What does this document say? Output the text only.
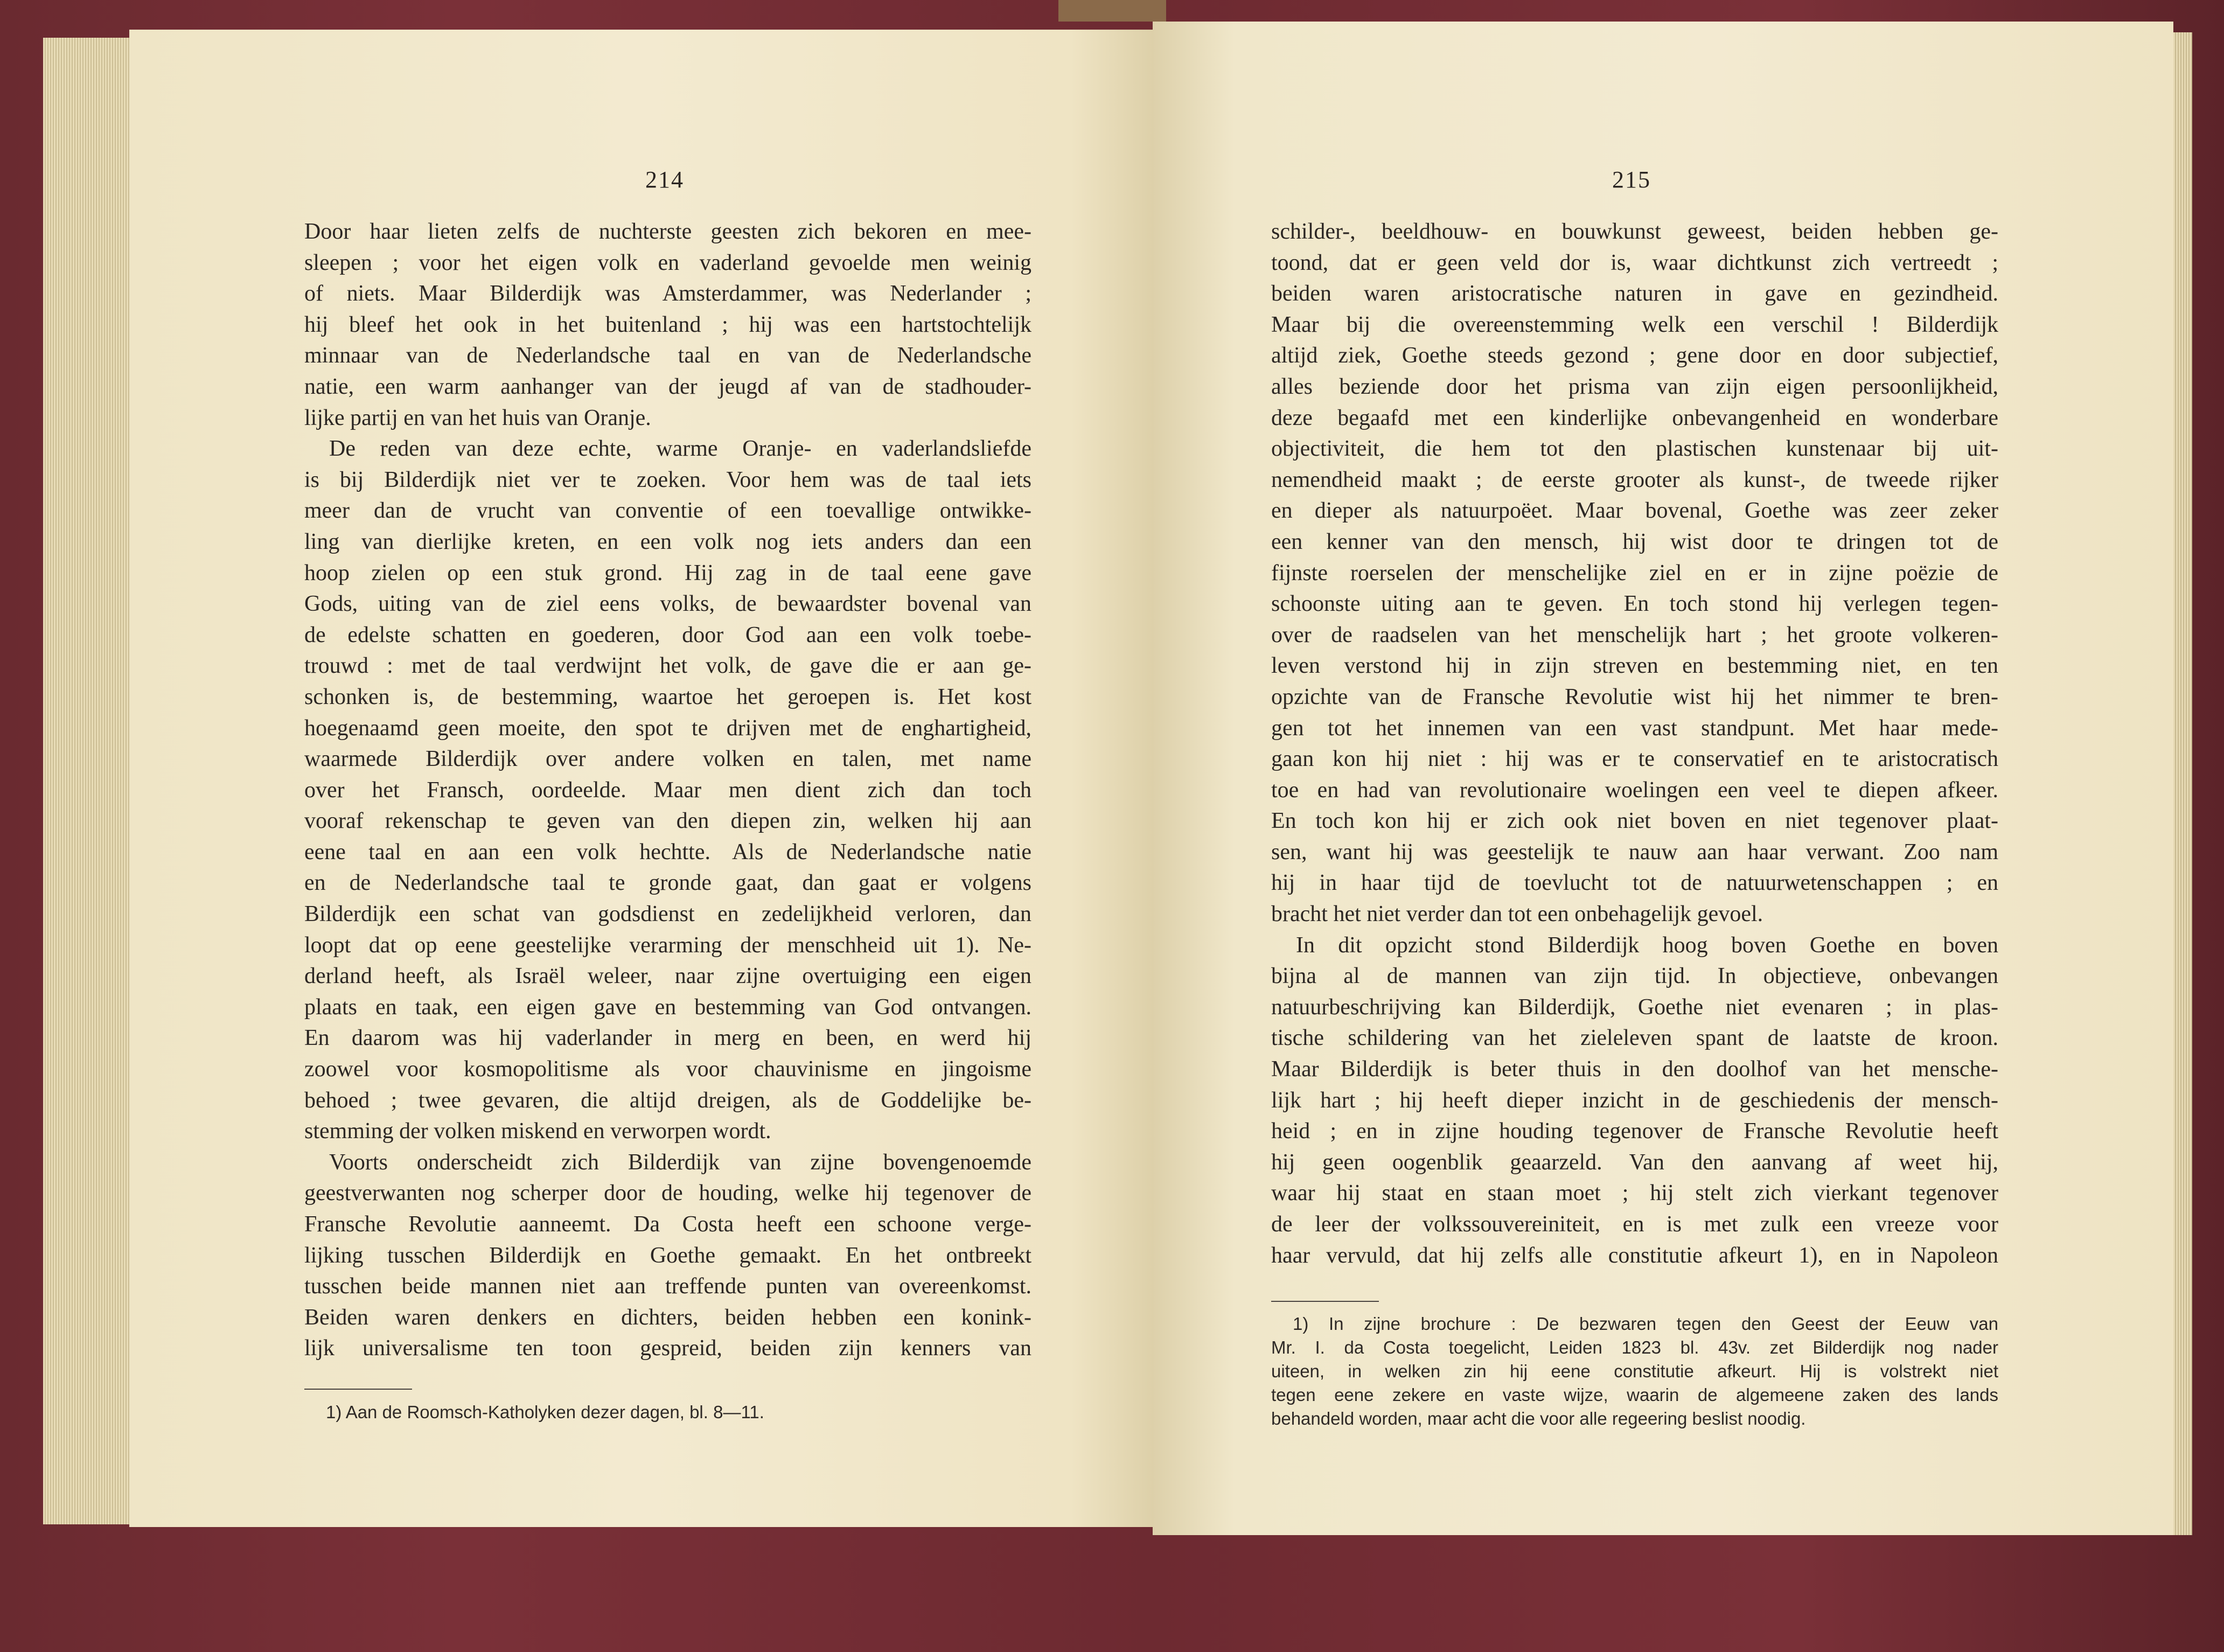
214
Door haar lieten zelfs de nuchterste geesten zich bekoren en mee-
sleepen ; voor het eigen volk en vaderland gevoelde men weinig
of niets. Maar Bilderdijk was Amsterdammer, was Nederlander ;
hij bleef het ook in het buitenland ; hij was een hartstochtelijk
minnaar van de Nederlandsche taal en van de Nederlandsche
natie, een warm aanhanger van der jeugd af van de stadhouder-
lijke partij en van het huis van Oranje.
De reden van deze echte, warme Oranje- en vaderlandsliefde
is bij Bilderdijk niet ver te zoeken. Voor hem was de taal iets
meer dan de vrucht van conventie of een toevallige ontwikke-
ling van dierlijke kreten, en een volk nog iets anders dan een
hoop zielen op een stuk grond. Hij zag in de taal eene gave
Gods, uiting van de ziel eens volks, de bewaardster bovenal van
de edelste schatten en goederen, door God aan een volk toebe-
trouwd : met de taal verdwijnt het volk, de gave die er aan ge-
schonken is, de bestemming, waartoe het geroepen is. Het kost
hoegenaamd geen moeite, den spot te drijven met de enghartigheid,
waarmede Bilderdijk over andere volken en talen, met name
over het Fransch, oordeelde. Maar men dient zich dan toch
vooraf rekenschap te geven van den diepen zin, welken hij aan
eene taal en aan een volk hechtte. Als de Nederlandsche natie
en de Nederlandsche taal te gronde gaat, dan gaat er volgens
Bilderdijk een schat van godsdienst en zedelijkheid verloren, dan
loopt dat op eene geestelijke verarming der menschheid uit 1). Ne-
derland heeft, als Israël weleer, naar zijne overtuiging een eigen
plaats en taak, een eigen gave en bestemming van God ontvangen.
En daarom was hij vaderlander in merg en been, en werd hij
zoowel voor kosmopolitisme als voor chauvinisme en jingoisme
behoed ; twee gevaren, die altijd dreigen, als de Goddelijke be-
stemming der volken miskend en verworpen wordt.
Voorts onderscheidt zich Bilderdijk van zijne bovengenoemde
geestverwanten nog scherper door de houding, welke hij tegenover de
Fransche Revolutie aanneemt. Da Costa heeft een schoone verge-
lijking tusschen Bilderdijk en Goethe gemaakt. En het ontbreekt
tusschen beide mannen niet aan treffende punten van overeenkomst.
Beiden waren denkers en dichters, beiden hebben een konink-
lijk universalisme ten toon gespreid, beiden zijn kenners van
1) Aan de Roomsch-Katholyken dezer dagen, bl. 8—11.
215
schilder-, beeldhouw- en bouwkunst geweest, beiden hebben ge-
toond, dat er geen veld dor is, waar dichtkunst zich vertreedt ;
beiden waren aristocratische naturen in gave en gezindheid.
Maar bij die overeenstemming welk een verschil ! Bilderdijk
altijd ziek, Goethe steeds gezond ; gene door en door subjectief,
alles beziende door het prisma van zijn eigen persoonlijkheid,
deze begaafd met een kinderlijke onbevangenheid en wonderbare
objectiviteit, die hem tot den plastischen kunstenaar bij uit-
nemendheid maakt ; de eerste grooter als kunst-, de tweede rijker
en dieper als natuurpoëet. Maar bovenal, Goethe was zeer zeker
een kenner van den mensch, hij wist door te dringen tot de
fijnste roerselen der menschelijke ziel en er in zijne poëzie de
schoonste uiting aan te geven. En toch stond hij verlegen tegen-
over de raadselen van het menschelijk hart ; het groote volkeren-
leven verstond hij in zijn streven en bestemming niet, en ten
opzichte van de Fransche Revolutie wist hij het nimmer te bren-
gen tot het innemen van een vast standpunt. Met haar mede-
gaan kon hij niet : hij was er te conservatief en te aristocratisch
toe en had van revolutionaire woelingen een veel te diepen afkeer.
En toch kon hij er zich ook niet boven en niet tegenover plaat-
sen, want hij was geestelijk te nauw aan haar verwant. Zoo nam
hij in haar tijd de toevlucht tot de natuurwetenschappen ; en
bracht het niet verder dan tot een onbehagelijk gevoel.
In dit opzicht stond Bilderdijk hoog boven Goethe en boven
bijna al de mannen van zijn tijd. In objectieve, onbevangen
natuurbeschrijving kan Bilderdijk, Goethe niet evenaren ; in plas-
tische schildering van het zieleleven spant de laatste de kroon.
Maar Bilderdijk is beter thuis in den doolhof van het mensche-
lijk hart ; hij heeft dieper inzicht in de geschiedenis der mensch-
heid ; en in zijne houding tegenover de Fransche Revolutie heeft
hij geen oogenblik geaarzeld. Van den aanvang af weet hij,
waar hij staat en staan moet ; hij stelt zich vierkant tegenover
de leer der volkssouvereiniteit, en is met zulk een vreeze voor
haar vervuld, dat hij zelfs alle constitutie afkeurt 1), en in Napoleon
1) In zijne brochure : De bezwaren tegen den Geest der Eeuw van
Mr. I. da Costa toegelicht, Leiden 1823 bl. 43v. zet Bilderdijk nog nader
uiteen, in welken zin hij eene constitutie afkeurt. Hij is volstrekt niet
tegen eene zekere en vaste wijze, waarin de algemeene zaken des lands
behandeld worden, maar acht die voor alle regeering beslist noodig.
